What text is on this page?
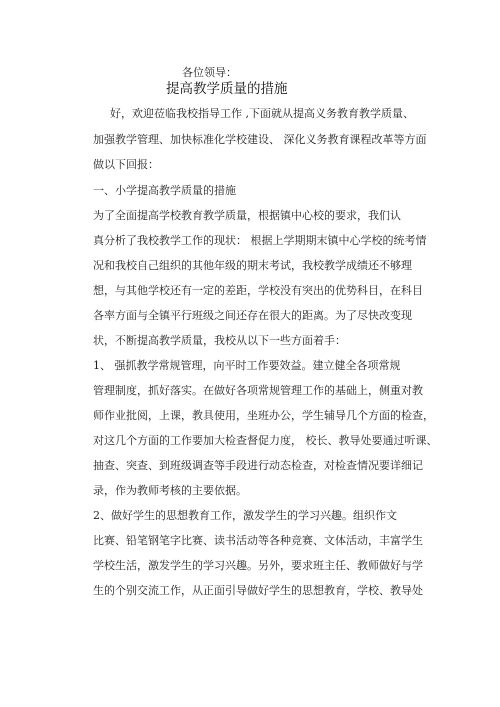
各位领导：
提高教学质量的措施
好，欢迎莅临我校指导工作 ,下面就从提高义务教育教学质量、
加强教学管理、加快标准化学校建设、 深化义务教育课程改革等方面
做以下回报：
一、小学提高教学质量的措施
为了全面提高学校教育教学质量，根据镇中心校的要求，我们认
真分析了我校教学工作的现状： 根据上学期期末镇中心学校的统考情
况和我校自己组织的其他年级的期末考试，我校教学成绩还不够理
想，与其他学校还有一定的差距，学校没有突出的优势科目，在科目
各率方面与全镇平行班级之间还存在很大的距离。为了尽快改变现
状，不断提高教学质量，我校从以下一些方面着手：
1、 强抓教学常规管理，向平时工作要效益。建立健全各项常规
管理制度，抓好落实。在做好各项常规管理工作的基础上，侧重对教
师作业批阅，上课，教具使用，坐班办公，学生辅导几个方面的检查，
对这几个方面的工作要加大检查督促力度， 校长、教导处要通过听课、
抽查、突查、到班级调查等手段进行动态检查，对检查情况要详细记
录，作为教师考核的主要依据。
2、做好学生的思想教育工作，激发学生的学习兴趣。组织作文
比赛、铅笔钢笔字比赛、读书活动等各种竞赛、文体活动，丰富学生
学校生活，激发学生的学习兴趣。另外，要求班主任、教师做好与学
生的个别交流工作，从正面引导做好学生的思想教育，学校、教导处
